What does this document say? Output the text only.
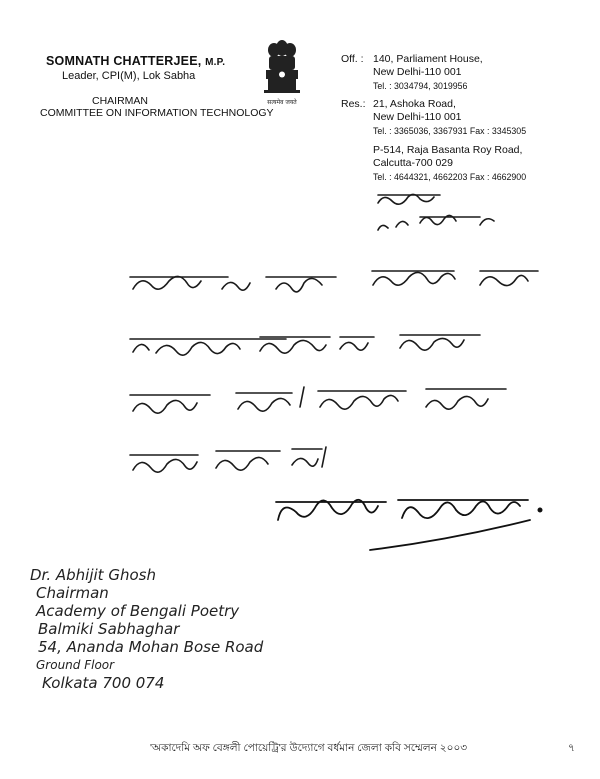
SOMNATH CHATTERJEE, M.P.
Leader, CPI(M), Lok Sabha
CHAIRMAN
COMMITTEE ON INFORMATION TECHNOLOGY
सत्यमेव जयते
Off. : 140, Parliament House,
New Delhi-110 001
Tel. : 3034794, 3019956
Res.: 21, Ashoka Road,
New Delhi-110 001
Tel. : 3365036, 3367931 Fax : 3345305
P-514, Raja Basanta Roy Road,
Calcutta-700 029
Tel. : 4644321, 4662203 Fax : 4662900
Dr. Abhijit Ghosh
Chairman
Academy of Bengali Poetry
Balmiki Sabhaghar
54, Ananda Mohan Bose Road
Ground Floor
Kolkata 700 074
'অকাদেমি অফ বেঙ্গলী পোয়েট্রি'র উদ্যোগে বর্ধমান জেলা কবি সম্মেলন ২০০৩	৭
